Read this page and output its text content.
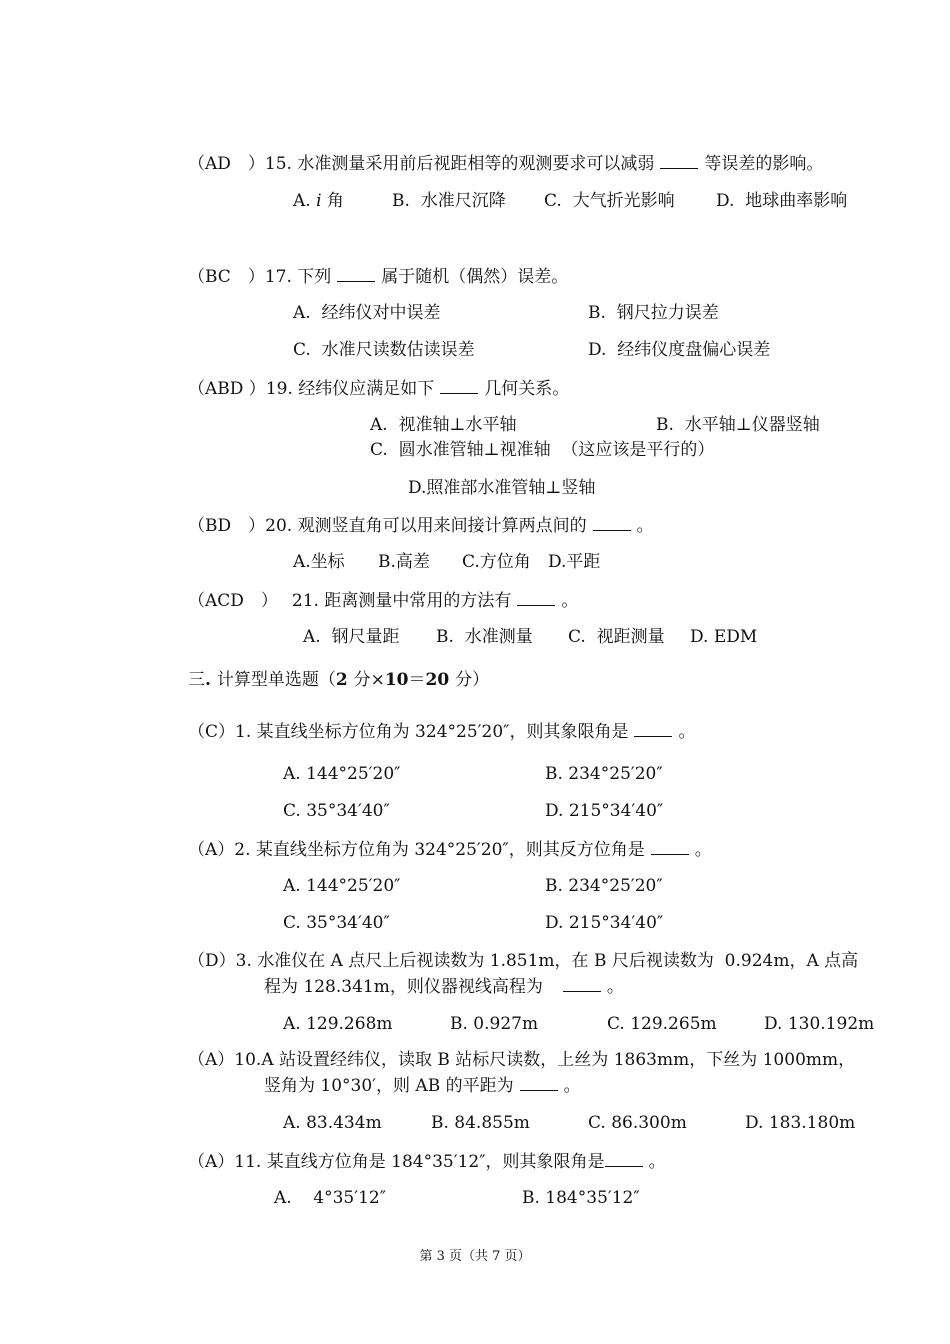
（AD　）15. 水准测量采用前后视距相等的观测要求可以减弱	等误差的影响。
A. i 角	B.  水准尺沉降 C.  大气折光影响 D.  地球曲率影响
（BC　）17. 下列	属于随机（偶然）误差。
A.  经纬仪对中误差	B.  钢尺拉力误差
C.  水准尺读数估读误差	D.  经纬仪度盘偏心误差
（ABD ）19. 经纬仪应满足如下	几何关系。
A.  视准轴⊥水平轴	B.  水平轴⊥仪器竖轴
C.  圆水准管轴⊥视准轴  （这应该是平行的）
D.照准部水准管轴⊥竖轴
（BD　）20. 观测竖直角可以用来间接计算两点间的	。
A.坐标 B.高差 C.方位角 D.平距
（ACD　） 21. 距离测量中常用的方法有	。
A.  钢尺量距 B.  水准测量 C.  视距测量 D. EDM
三. 计算型单选题（2 分×10＝20 分）
（C）1. 某直线坐标方位角为 324°25′20″，则其象限角是	。
A. 144°25′20″	B. 234°25′20″
C. 35°34′40″	D. 215°34′40″
（A）2. 某直线坐标方位角为 324°25′20″，则其反方位角是	。
A. 144°25′20″	B. 234°25′20″
C. 35°34′40″	D. 215°34′40″
（D）3. 水准仪在 A 点尺上后视读数为 1.851m，在 B 尺后视读数为  0.924m，A 点高
程为 128.341m，则仪器视线高程为	。
A. 129.268m	B. 0.927m	C. 129.265m	D. 130.192m
（A）10.A 站设置经纬仪，读取 B 站标尺读数，上丝为 1863mm，下丝为 1000mm，
竖角为 10°30′，则 AB 的平距为	。
A. 83.434m	B. 84.855m	C. 86.300m	D. 183.180m
（A）11. 某直线方位角是 184°35′12″，则其象限角是	。
A.    4°35′12″	B. 184°35′12″
第 3 页（共 7 页）
